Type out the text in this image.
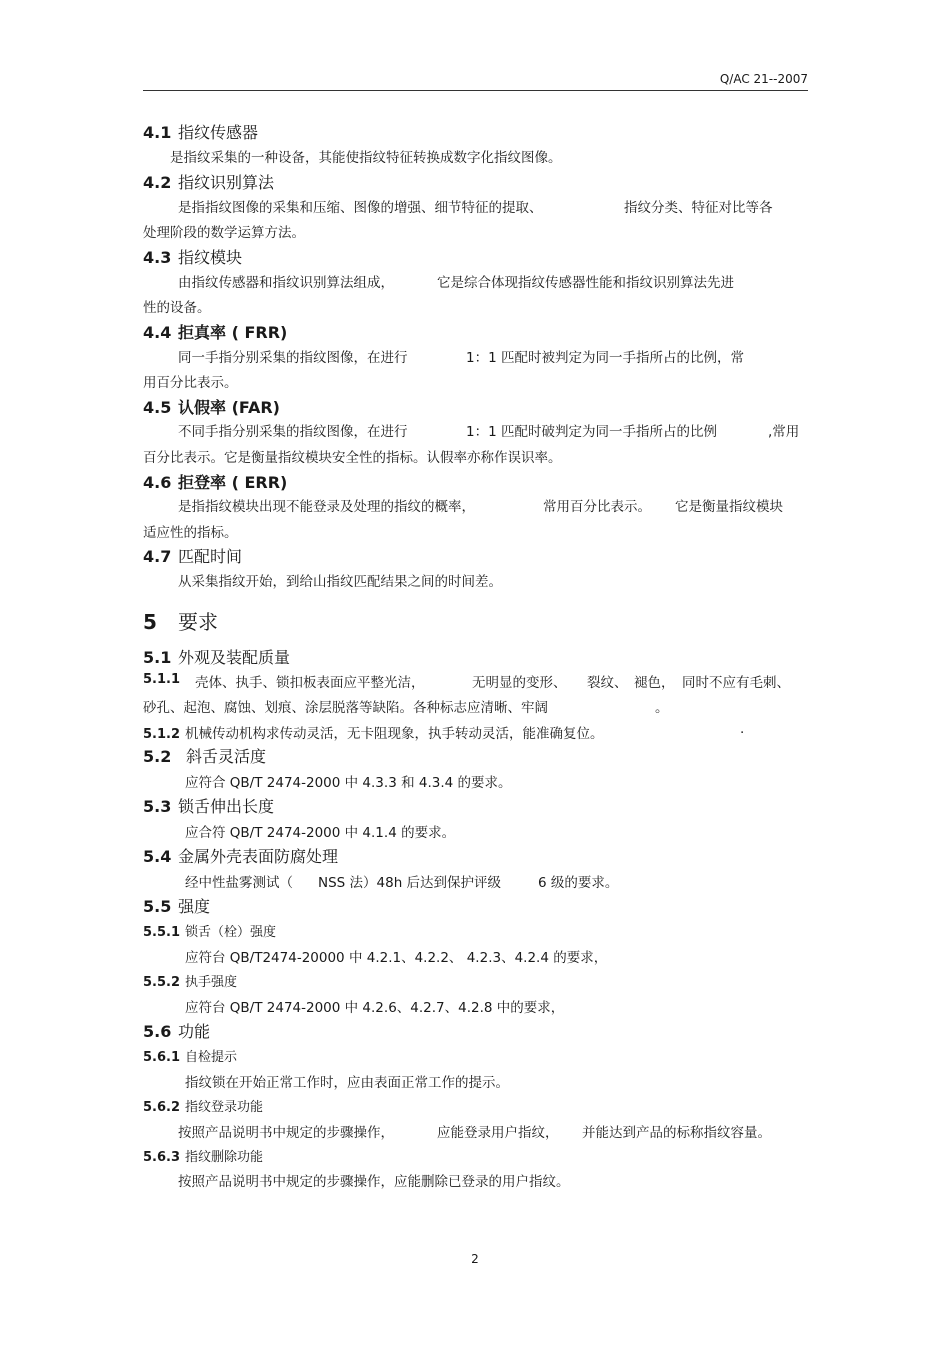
Q/AC 21--2007
4.1 指纹传感器
是指纹采集的一种设备，其能使指纹特征转换成数字化指纹图像。
4.2 指纹识别算法
是指指纹图像的采集和压缩、图像的增强、细节特征的提取、	指纹分类、特征对比等各
处理阶段的数学运算方法。
4.3 指纹模块
由指纹传感器和指纹识别算法组成，	它是综合体现指纹传感器性能和指纹识别算法先进
性的设备。
4.4 拒真率 ( FRR)
同一手指分别采集的指纹图像，在进行	1：1 匹配时被判定为同一手指所占的比例，常
用百分比表示。
4.5 认假率 (FAR)
不同手指分别采集的指纹图像，在进行	1：1 匹配时破判定为同一手指所占的比例	,常用
百分比表示。它是衡量指纹模块安全性的指标。认假率亦称作误识率。
4.6 拒登率 ( ERR)
是指指纹模块出现不能登录及处理的指纹的概率，	常用百分比表示。 它是衡量指纹模块
适应性的指标。
4.7 匹配时间
从采集指纹开始，到给山指纹匹配结果之间的时间差。
5 要求
5.1 外观及装配质量
5.1.1	壳体、执手、锁扣板表面应平整光洁，	无明显的变形、 裂纹、 褪色， 同时不应有毛刺、
砂孔、起泡、腐蚀、划痕、涂层脱落等缺陷。各种标志应清晰、牢阔	。
5.1.2 机械传动机构求传动灵活，无卡阻现象，执手转动灵活，能准确复位。	.
5.2 斜舌灵活度
应符合 QB/T 2474-2000 中 4.3.3 和 4.3.4 的要求。
5.3 锁舌伸出长度
应合符 QB/T 2474-2000 中 4.1.4 的要求。
5.4 金属外壳表面防腐处理
经中性盐雾测试（ NSS 法）48h 后达到保护评级	6 级的要求。
5.5 强度
5.5.1 锁舌（栓）强度
应符台 QB/T2474-20000 中 4.2.1、4.2.2、 4.2.3、4.2.4 的要求，
5.5.2 执手强度
应符台 QB/T 2474-2000 中 4.2.6、4.2.7、4.2.8 中的要求，
5.6 功能
5.6.1 自检提示
指纹锁在开始正常工作时，应由表面正常工作的提示。
5.6.2 指纹登录功能
按照产品说明书中规定的步骤操作，	应能登录用户指纹， 并能达到产品的标称指纹容量。
5.6.3 指纹删除功能
按照产品说明书中规定的步骤操作，应能删除已登录的用户指纹。
2
